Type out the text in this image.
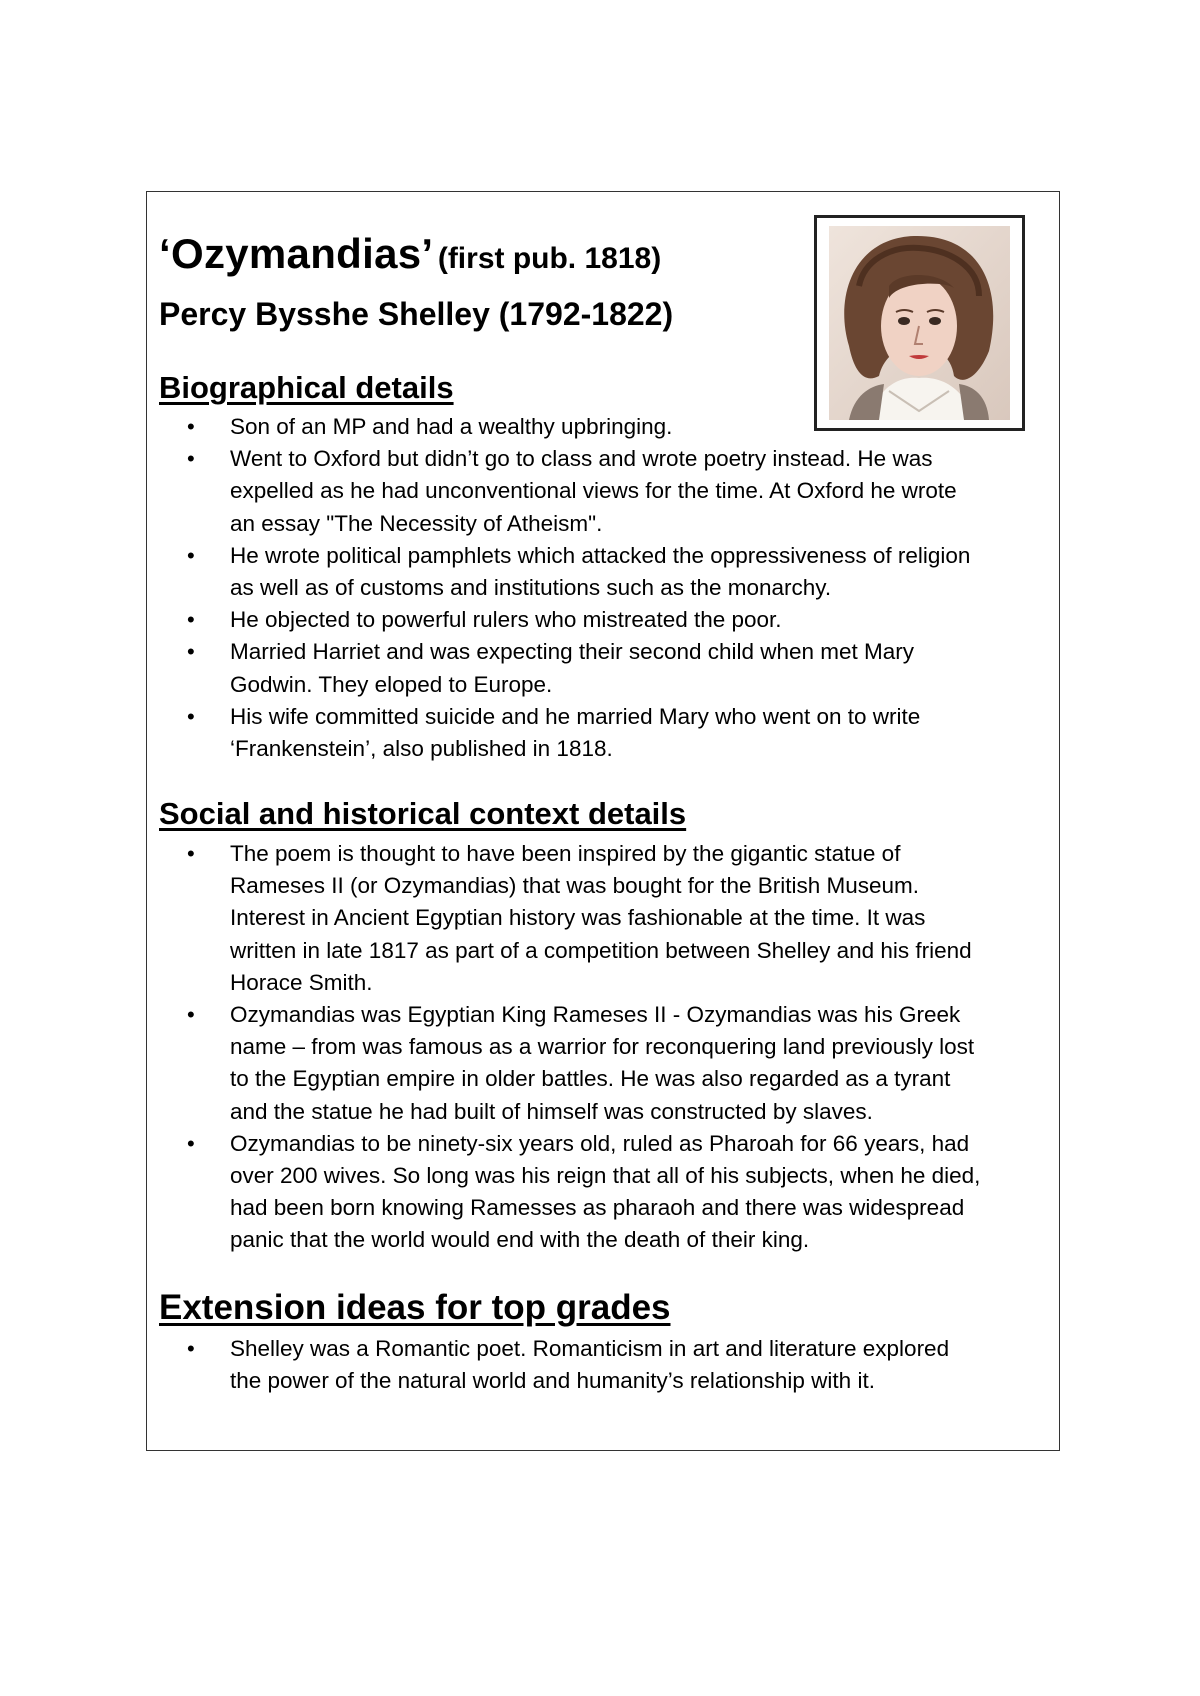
‘Ozymandias’ (first pub. 1818)
Percy Bysshe Shelley (1792-1822)
Biographical details
• Son of an MP and had a wealthy upbringing.
• Went to Oxford but didn’t go to class and wrote poetry instead. He was expelled as he had unconventional views for the time. At Oxford he wrote an essay "The Necessity of Atheism".
• He wrote political pamphlets which attacked the oppressiveness of religion as well as of customs and institutions such as the monarchy.
• He objected to powerful rulers who mistreated the poor.
• Married Harriet and was expecting their second child when met Mary Godwin. They eloped to Europe.
• His wife committed suicide and he married Mary who went on to write ‘Frankenstein’, also published in 1818.
Social and historical context details
• The poem is thought to have been inspired by the gigantic statue of Rameses II (or Ozymandias) that was bought for the British Museum. Interest in Ancient Egyptian history was fashionable at the time. It was written in late 1817 as part of a competition between Shelley and his friend Horace Smith.
• Ozymandias was Egyptian King Rameses II - Ozymandias was his Greek name – from was famous as a warrior for reconquering land previously lost to the Egyptian empire in older battles. He was also regarded as a tyrant and the statue he had built of himself was constructed by slaves.
• Ozymandias to be ninety-six years old, ruled as Pharoah for 66 years, had over 200 wives. So long was his reign that all of his subjects, when he died, had been born knowing Ramesses as pharaoh and there was widespread panic that the world would end with the death of their king.
Extension ideas for top grades
• Shelley was a Romantic poet. Romanticism in art and literature explored the power of the natural world and humanity’s relationship with it.
